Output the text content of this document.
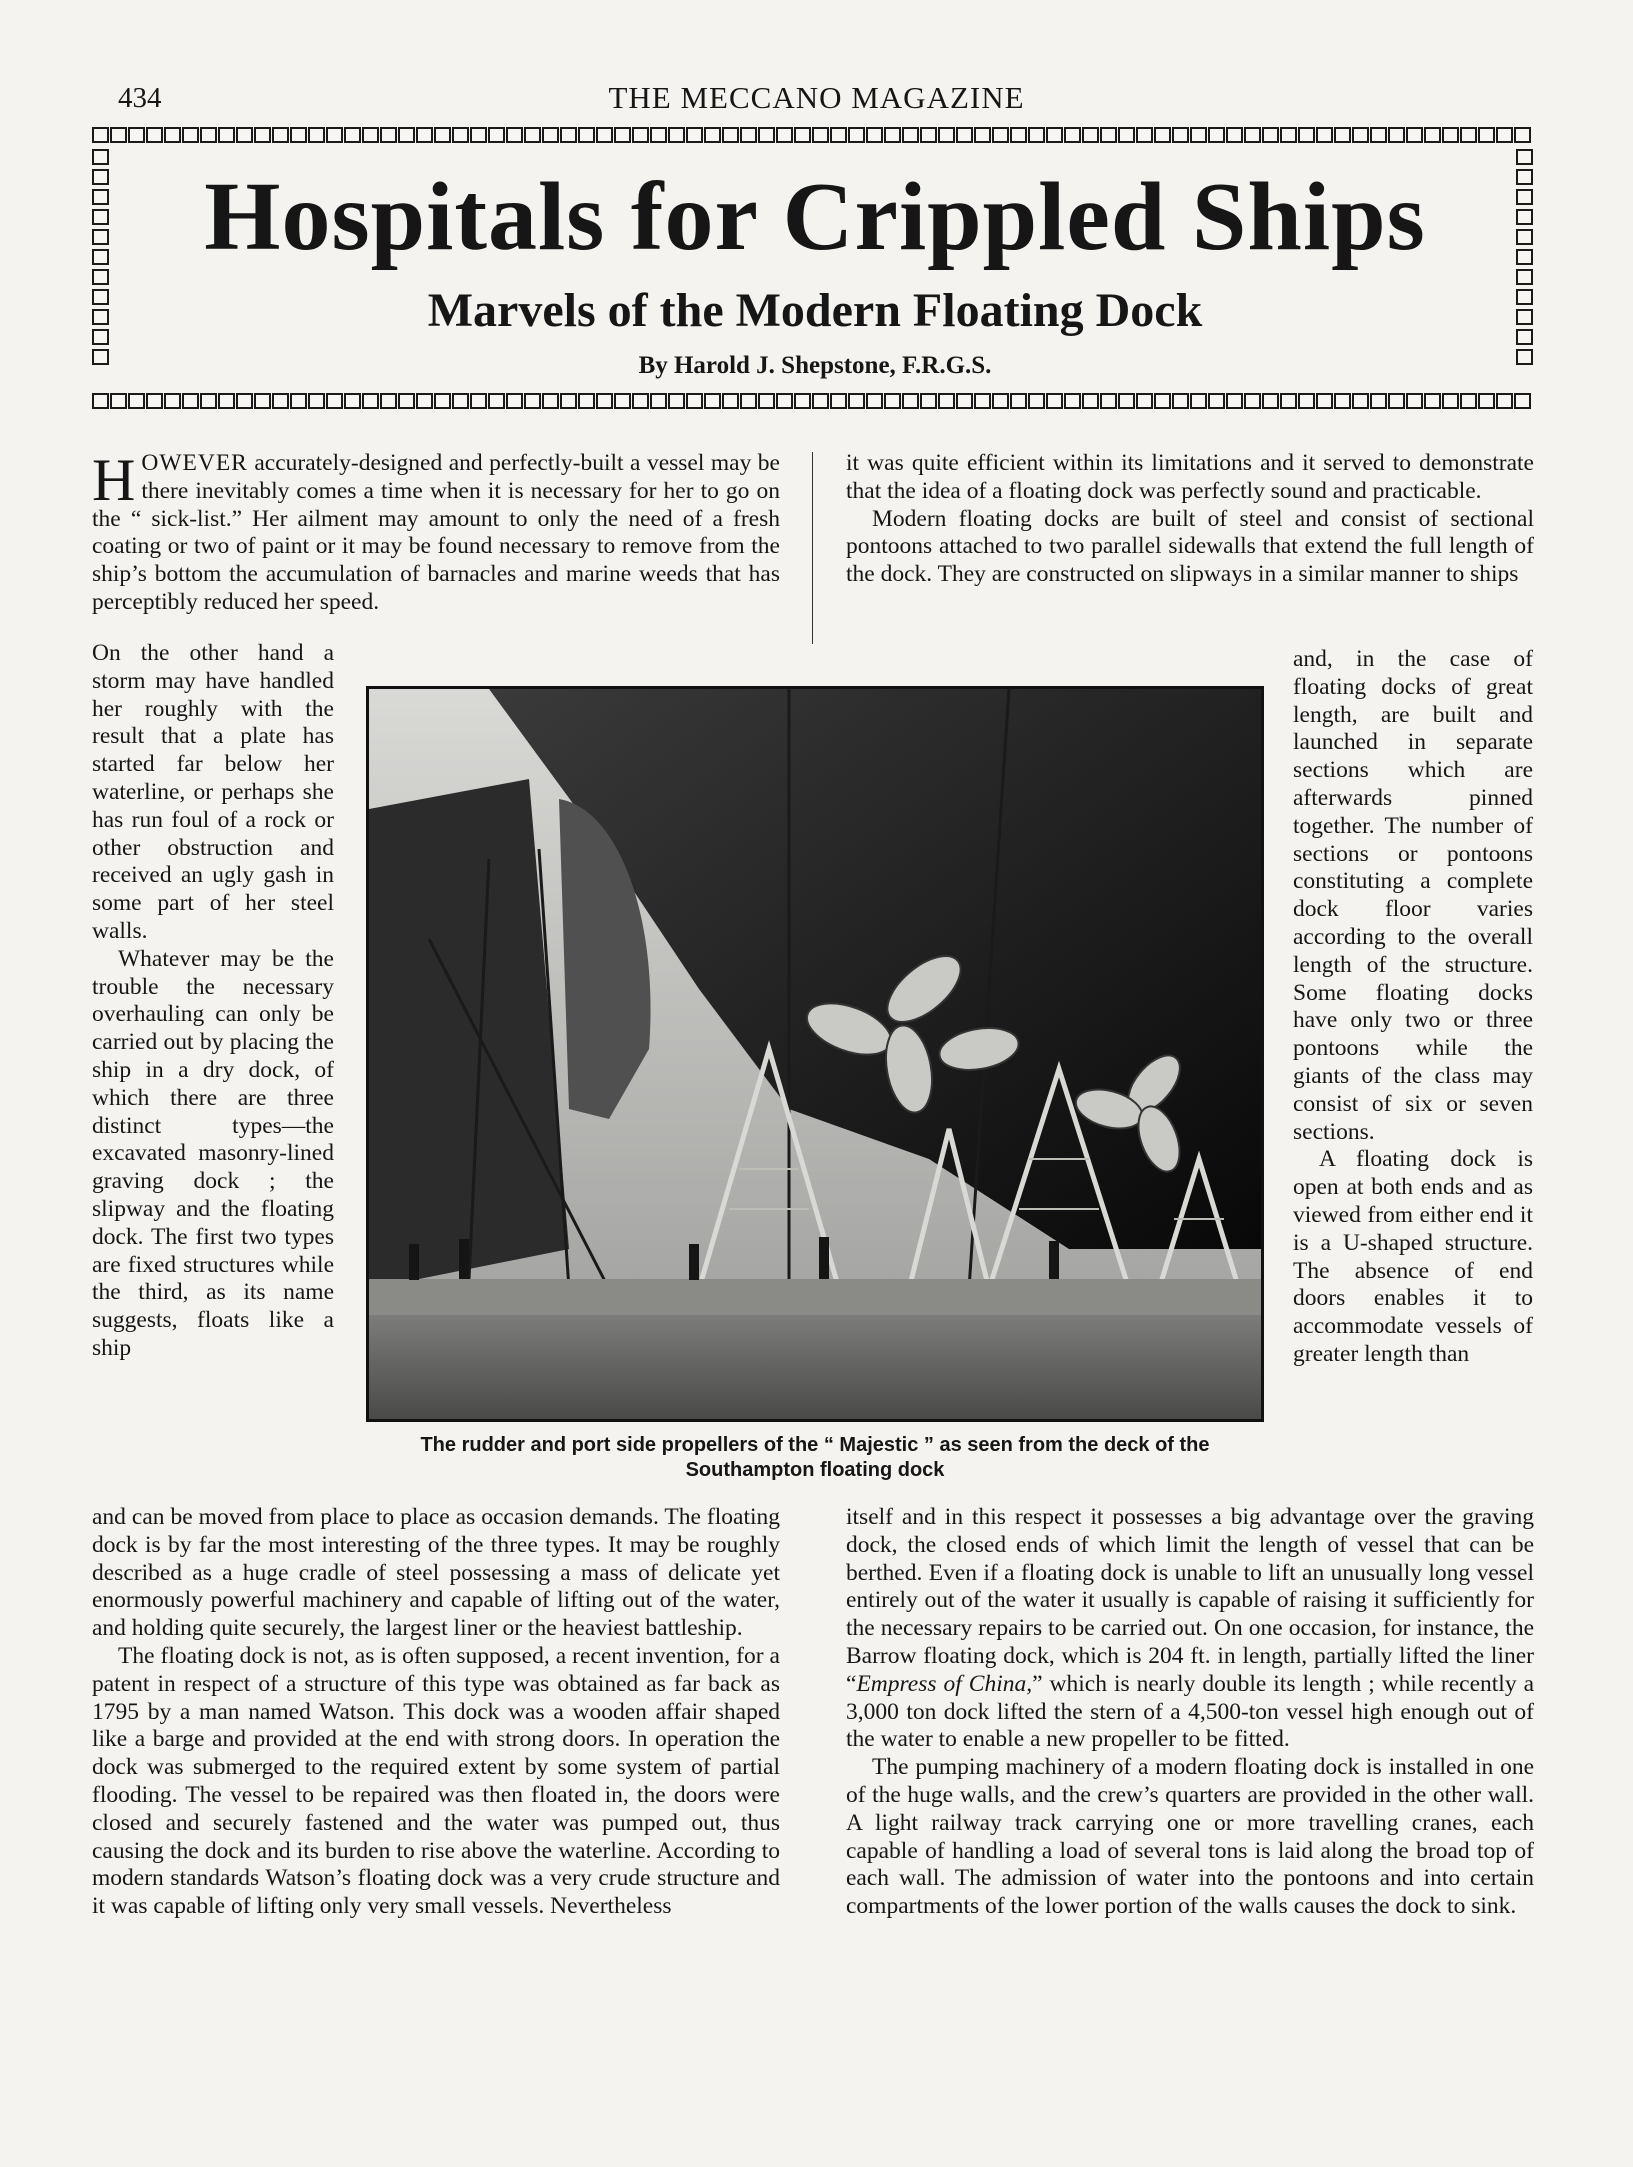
434	THE MECCANO MAGAZINE
Hospitals for Crippled Ships
Marvels of the Modern Floating Dock
By Harold J. Shepstone, F.R.G.S.

HOWEVER accurately-designed and perfectly-built a vessel may be there inevitably comes a time when it is necessary for her to go on the “ sick-list.” Her ailment may amount to only the need of a fresh coating or two of paint or it may be found necessary to remove from the ship’s bottom the accumulation of barnacles and marine weeds that has perceptibly reduced her speed.

On the other hand a storm may have handled her roughly with the result that a plate has started far below her waterline, or perhaps she has run foul of a rock or other obstruction and received an ugly gash in some part of her steel walls.

Whatever may be the trouble the necessary overhauling can only be carried out by placing the ship in a dry dock, of which there are three distinct types—the excavated masonry-lined graving dock ; the slipway and the floating dock. The first two types are fixed structures while the third, as its name suggests, floats like a ship

and can be moved from place to place as occasion demands. The floating dock is by far the most interesting of the three types. It may be roughly described as a huge cradle of steel possessing a mass of delicate yet enormously powerful machinery and capable of lifting out of the water, and holding quite securely, the largest liner or the heaviest battleship.

The floating dock is not, as is often supposed, a recent invention, for a patent in respect of a structure of this type was obtained as far back as 1795 by a man named Watson. This dock was a wooden affair shaped like a barge and provided at the end with strong doors. In operation the dock was submerged to the required extent by some system of partial flooding. The vessel to be repaired was then floated in, the doors were closed and securely fastened and the water was pumped out, thus causing the dock and its burden to rise above the waterline. According to modern standards Watson’s floating dock was a very crude structure and it was capable of lifting only very small vessels. Nevertheless

it was quite efficient within its limitations and it served to demonstrate that the idea of a floating dock was perfectly sound and practicable.

Modern floating docks are built of steel and consist of sectional pontoons attached to two parallel sidewalls that extend the full length of the dock. They are constructed on slipways in a similar manner to ships

and, in the case of floating docks of great length, are built and launched in separate sections which are afterwards pinned together. The number of sections or pontoons constituting a complete dock floor varies according to the overall length of the structure. Some floating docks have only two or three pontoons while the giants of the class may consist of six or seven sections.

A floating dock is open at both ends and as viewed from either end it is a U-shaped structure. The absence of end doors enables it to accommodate vessels of greater length than

itself and in this respect it possesses a big advantage over the graving dock, the closed ends of which limit the length of vessel that can be berthed. Even if a floating dock is unable to lift an unusually long vessel entirely out of the water it usually is capable of raising it sufficiently for the necessary repairs to be carried out. On one occasion, for instance, the Barrow floating dock, which is 204 ft. in length, partially lifted the liner “Empress of China,” which is nearly double its length ; while recently a 3,000 ton dock lifted the stern of a 4,500-ton vessel high enough out of the water to enable a new propeller to be fitted.

The pumping machinery of a modern floating dock is installed in one of the huge walls, and the crew’s quarters are provided in the other wall. A light railway track carrying one or more travelling cranes, each capable of handling a load of several tons is laid along the broad top of each wall. The admission of water into the pontoons and into certain compartments of the lower portion of the walls causes the dock to sink.

The rudder and port side propellers of the “ Majestic ” as seen from the deck of the
Southampton floating dock
